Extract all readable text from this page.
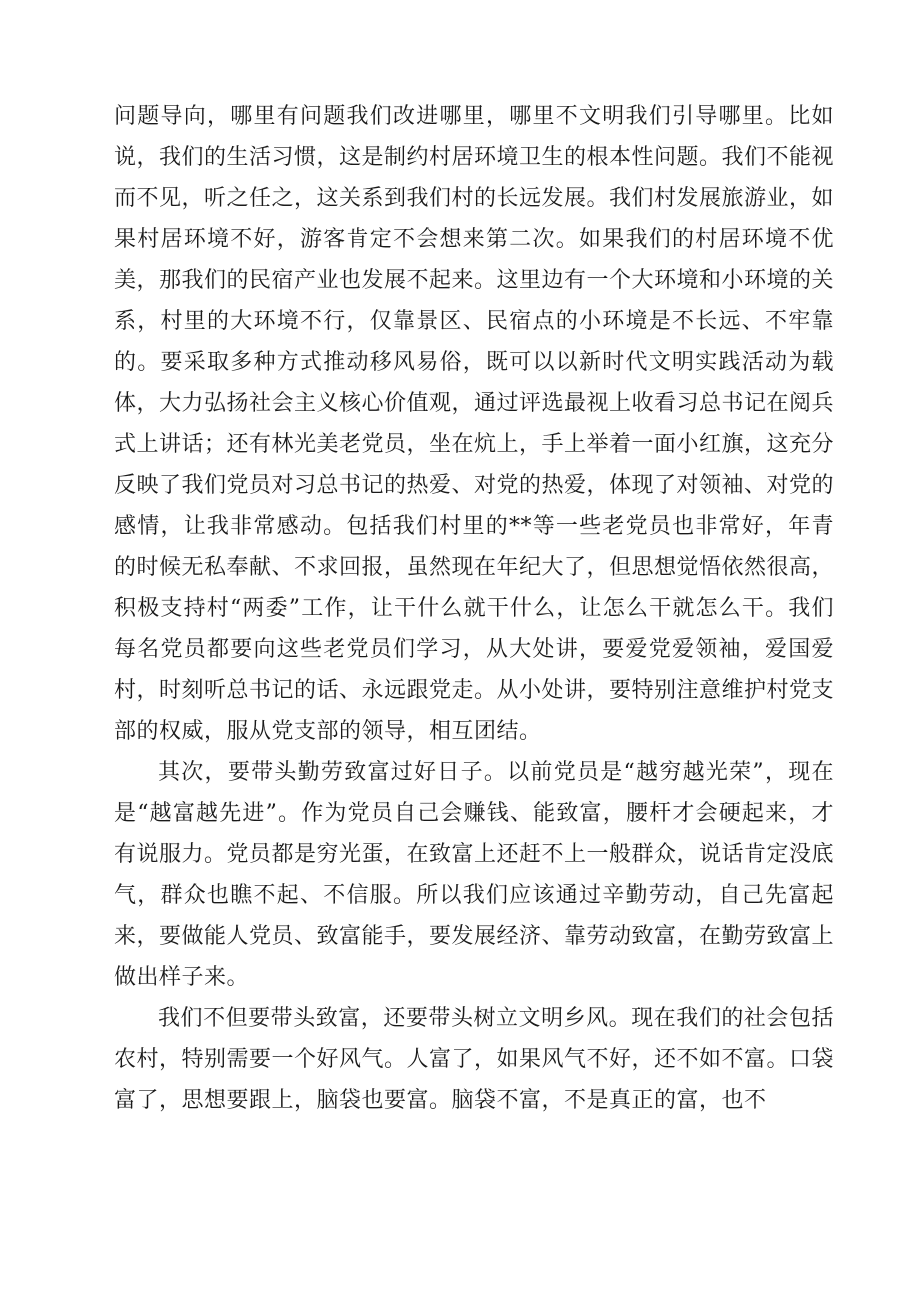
问题导向，哪里有问题我们改进哪里，哪里不文明我们引导哪里。比如说，我们的生活习惯，这是制约村居环境卫生的根本性问题。我们不能视而不见，听之任之，这关系到我们村的长远发展。我们村发展旅游业，如果村居环境不好，游客肯定不会想来第二次。如果我们的村居环境不优美，那我们的民宿产业也发展不起来。这里边有一个大环境和小环境的关系，村里的大环境不行，仅靠景区、民宿点的小环境是不长远、不牢靠的。要采取多种方式推动移风易俗，既可以以新时代文明实践活动为载体，大力弘扬社会主义核心价值观，通过评选最视上收看习总书记在阅兵式上讲话；还有林光美老党员，坐在炕上，手上举着一面小红旗，这充分反映了我们党员对习总书记的热爱、对党的热爱，体现了对领袖、对党的感情，让我非常感动。包括我们村里的**等一些老党员也非常好，年青的时候无私奉献、不求回报，虽然现在年纪大了，但思想觉悟依然很高，积极支持村“两委”工作，让干什么就干什么，让怎么干就怎么干。我们每名党员都要向这些老党员们学习，从大处讲，要爱党爱领袖，爱国爱村，时刻听总书记的话、永远跟党走。从小处讲，要特别注意维护村党支部的权威，服从党支部的领导，相互团结。

其次，要带头勤劳致富过好日子。以前党员是“越穷越光荣”，现在是“越富越先进”。作为党员自己会赚钱、能致富，腰杆才会硬起来，才有说服力。党员都是穷光蛋，在致富上还赶不上一般群众，说话肯定没底气，群众也瞧不起、不信服。所以我们应该通过辛勤劳动，自己先富起来，要做能人党员、致富能手，要发展经济、靠劳动致富，在勤劳致富上做出样子来。

我们不但要带头致富，还要带头树立文明乡风。现在我们的社会包括农村，特别需要一个好风气。人富了，如果风气不好，还不如不富。口袋富了，思想要跟上，脑袋也要富。脑袋不富，不是真正的富，也不
